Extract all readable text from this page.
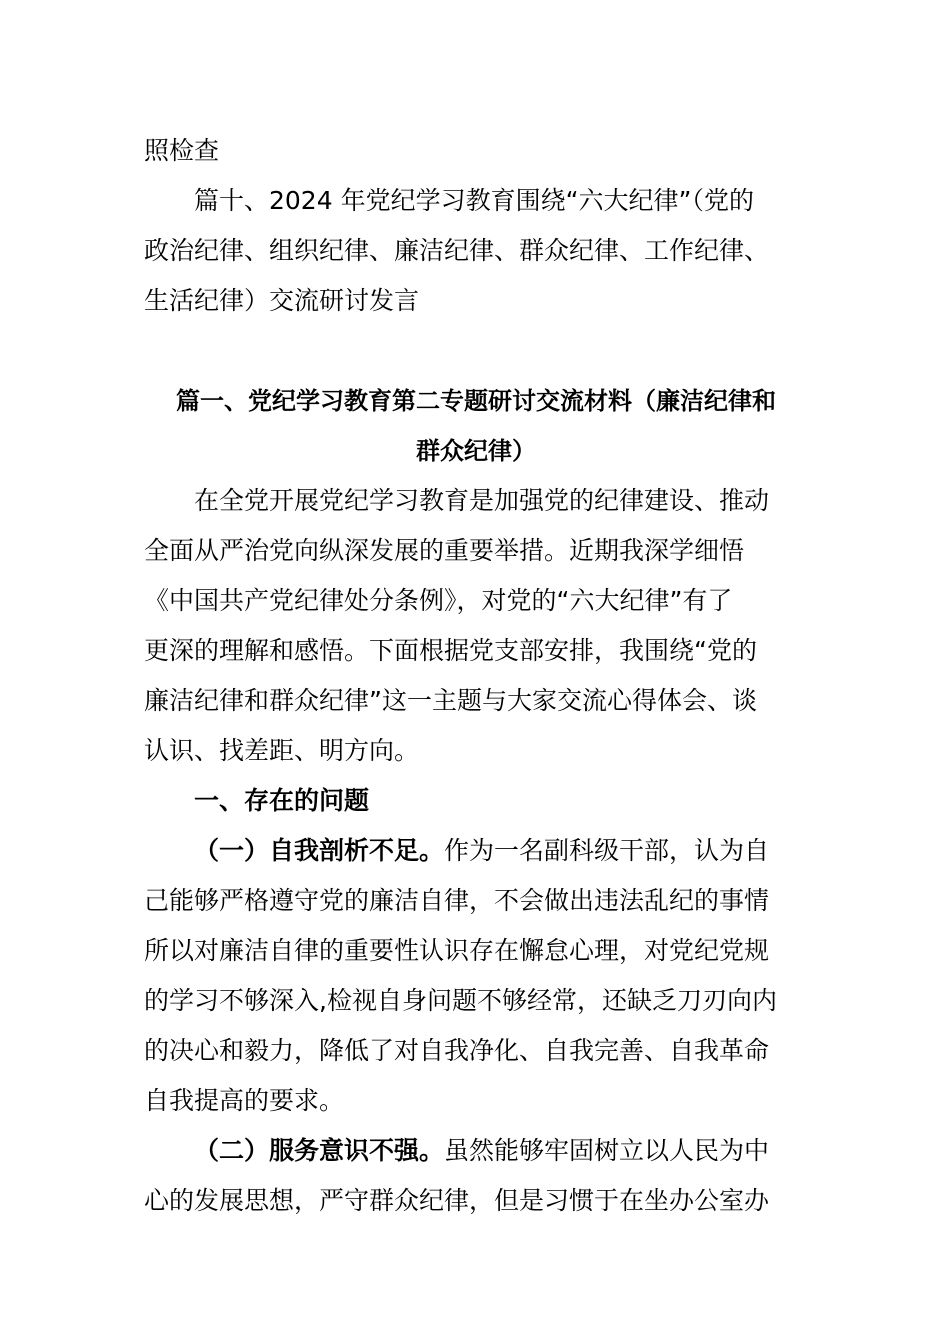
照检查
篇十、2024 年党纪学习教育围绕“六大纪律”（党的
政治纪律、组织纪律、廉洁纪律、群众纪律、工作纪律、
生活纪律）交流研讨发言
篇一、党纪学习教育第二专题研讨交流材料（廉洁纪律和
群众纪律）
在全党开展党纪学习教育是加强党的纪律建设、推动
全面从严治党向纵深发展的重要举措。近期我深学细悟
《中国共产党纪律处分条例》，对党的“六大纪律”有了
更深的理解和感悟。下面根据党支部安排，我围绕“党的
廉洁纪律和群众纪律”这一主题与大家交流心得体会、谈
认识、找差距、明方向。
一、存在的问题
（一）自我剖析不足。作为一名副科级干部，认为自
己能够严格遵守党的廉洁自律，不会做出违法乱纪的事情
所以对廉洁自律的重要性认识存在懈怠心理，对党纪党规
的学习不够深入,检视自身问题不够经常，还缺乏刀刃向内
的决心和毅力，降低了对自我净化、自我完善、自我革命
自我提高的要求。
（二）服务意识不强。虽然能够牢固树立以人民为中
心的发展思想，严守群众纪律，但是习惯于在坐办公室办
